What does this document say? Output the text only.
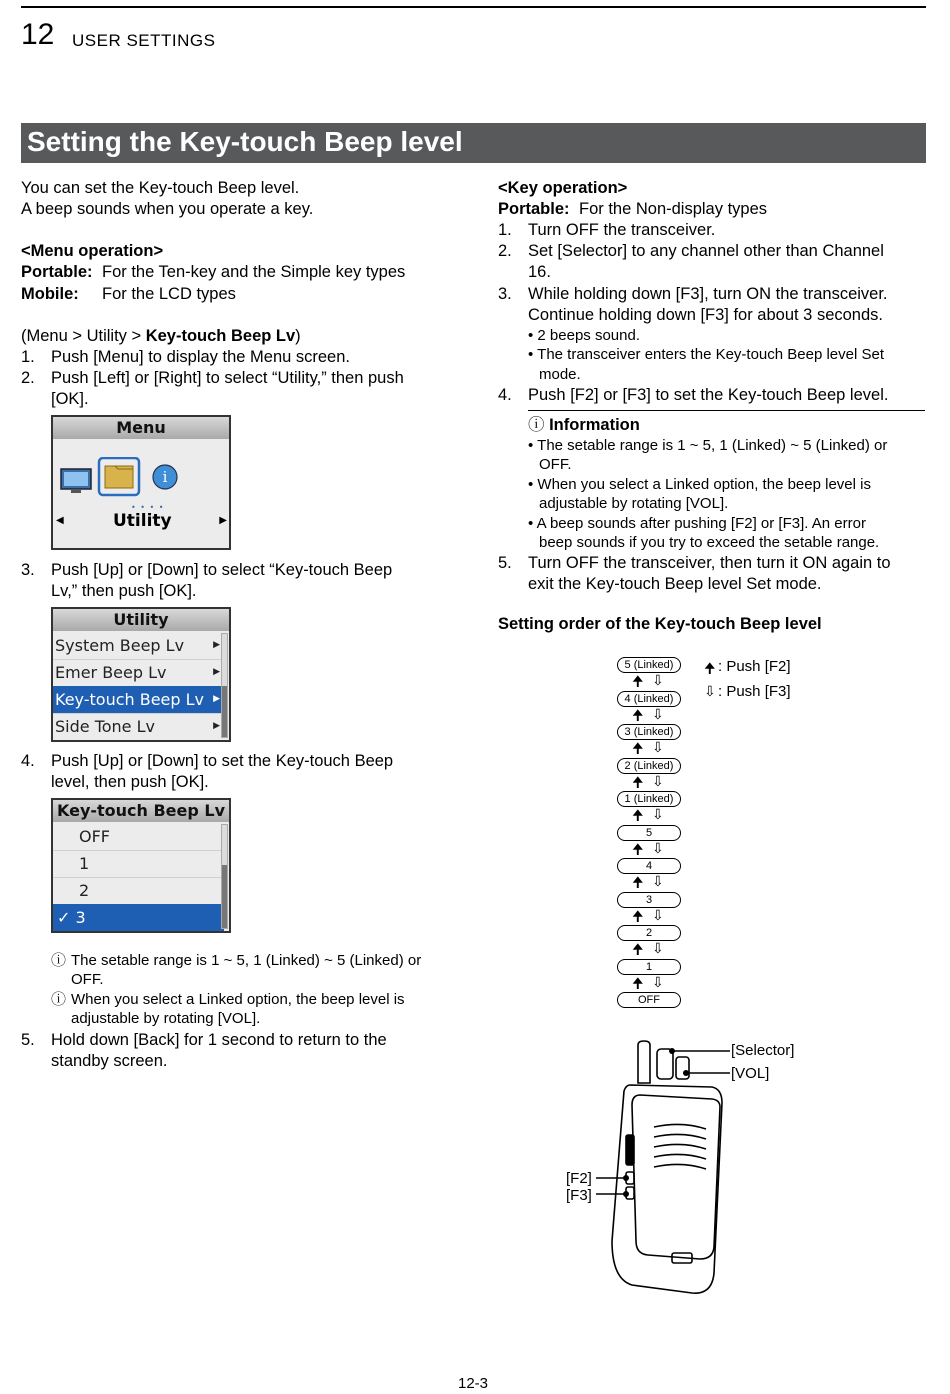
12 USER SETTINGS
Setting the Key-touch Beep level
You can set the Key-touch Beep level.
A beep sounds when you operate a key.
<Menu operation>
Portable: For the Ten-key and the Simple key types
Mobile: For the LCD types
(Menu > Utility > Key-touch Beep Lv)
1. Push [Menu] to display the Menu screen.
2. Push [Left] or [Right] to select “Utility,” then push
[OK].
Menu
i
• • • •
◀	Utility	▶
3. Push [Up] or [Down] to select “Key-touch Beep
Lv,” then push [OK].
Utility
System Beep Lv	▶
Emer Beep Lv	▶
Key-touch Beep Lv ▶
Side Tone Lv	▶
4. Push [Up] or [Down] to set the Key-touch Beep
level, then push [OK].
Key-touch Beep Lv
OFF
1
2
✓ 3
ⓘ The setable range is 1 ~ 5, 1 (Linked) ~ 5 (Linked) or
OFF.
ⓘ When you select a Linked option, the beep level is
adjustable by rotating [VOL].
5. Hold down [Back] for 1 second to return to the
standby screen.
<Key operation>
Portable: For the Non-display types
1. Turn OFF the transceiver.
2. Set [Selector] to any channel other than Channel
16.
3. While holding down [F3], turn ON the transceiver.
Continue holding down [F3] for about 3 seconds.
• 2 beeps sound.
• The transceiver enters the Key-touch Beep level Set
mode.
4. Push [F2] or [F3] to set the Key-touch Beep level.
ⓘ Information
• The setable range is 1 ~ 5, 1 (Linked) ~ 5 (Linked) or
OFF.
• When you select a Linked option, the beep level is
adjustable by rotating [VOL].
• A beep sounds after pushing [F2] or [F3]. An error
beep sounds if you try to exceed the setable range.
5. Turn OFF the transceiver, then turn it ON again to
exit the Key-touch Beep level Set mode.
Setting order of the Key-touch Beep level
5 (Linked)
🠉 ⇩
4 (Linked)
🠉 ⇩
3 (Linked)
🠉 ⇩
2 (Linked)
🠉 ⇩
1 (Linked)
🠉 ⇩
5
🠉 ⇩
4
🠉 ⇩
3
🠉 ⇩
2
🠉 ⇩
1
🠉 ⇩
OFF
🠉 : Push [F2]
⇩ : Push [F3]
[Selector]
[VOL]
[F2]
[F3]
12-3
